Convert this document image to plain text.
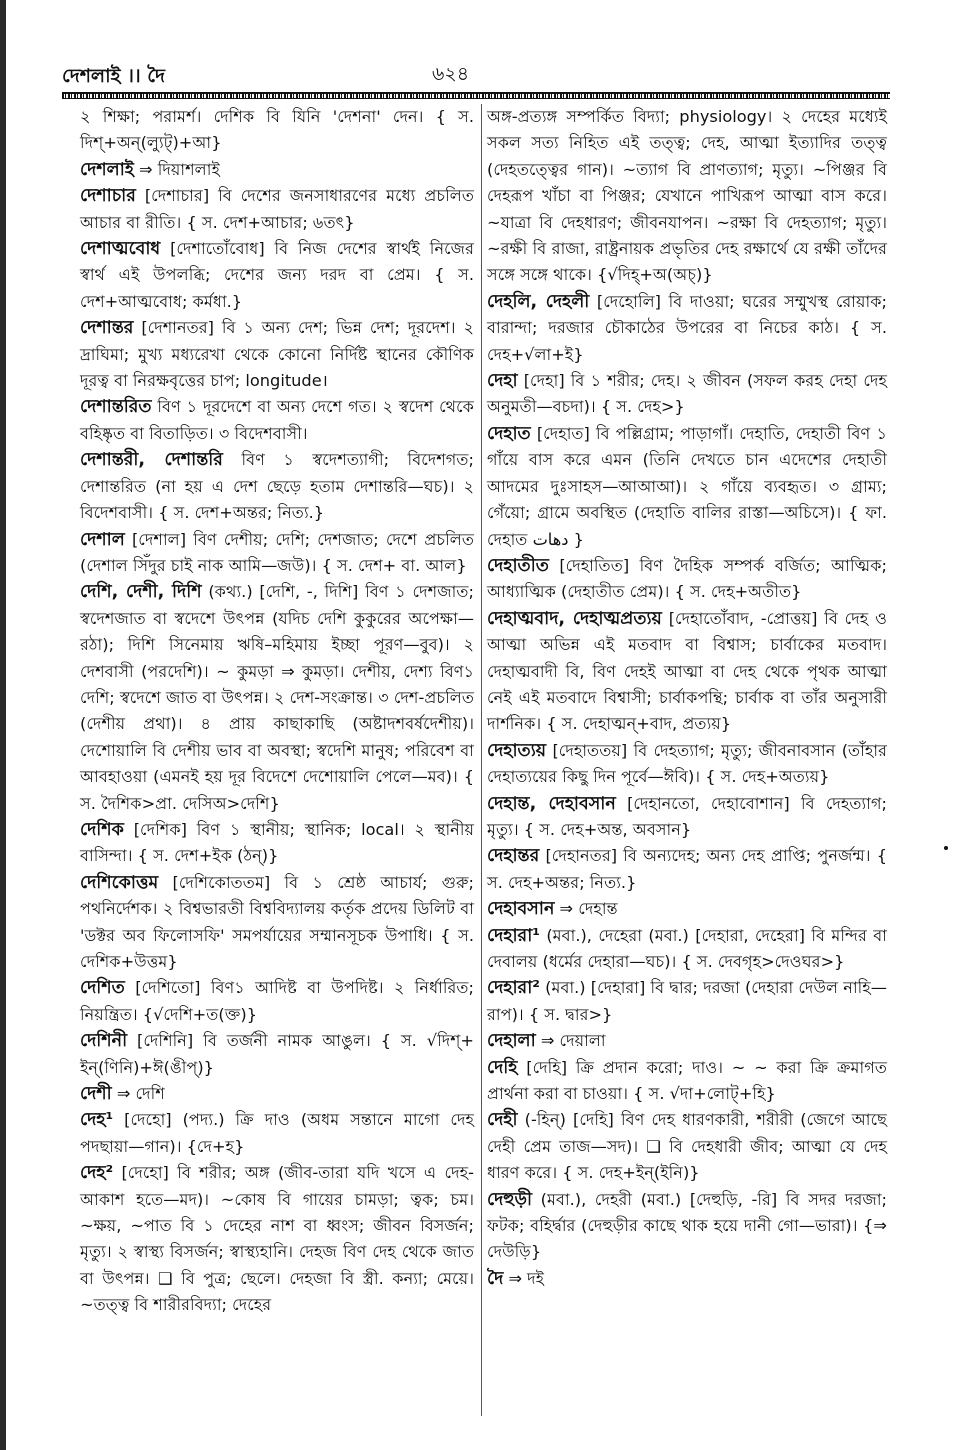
দেশলাই ।। দৈ	৬২৪

২ শিক্ষা; পরামর্শ। দেশিক বি যিনি 'দেশনা' দেন। { স. দিশ্+অন্(ল্যুট্)+আ}

দেশলাই ⇒ দিয়াশলাই

দেশাচার [দেশাচার] বি দেশের জনসাধারণের মধ্যে প্রচলিত আচার বা রীতি। { স. দেশ+আচার; ৬তৎ}

দেশাত্মবোধ [দেশাতোঁবোধ] বি নিজ দেশের স্বার্থই নিজের স্বার্থ এই উপলব্ধি; দেশের জন্য দরদ বা প্রেম। { স. দেশ+আত্মবোধ; কর্মধা.}

দেশান্তর [দেশানতর] বি ১ অন্য দেশ; ভিন্ন দেশ; দূরদেশ। ২ দ্রাঘিমা; মুখ্য মধ্যরেখা থেকে কোনো নির্দিষ্ট স্থানের কৌণিক দূরত্ব বা নিরক্ষবৃত্তের চাপ; longitude।

দেশান্তরিত বিণ ১ দূরদেশে বা অন্য দেশে গত। ২ স্বদেশ থেকে বহিষ্কৃত বা বিতাড়িত। ৩ বিদেশবাসী।

দেশান্তরী, দেশান্তরি বিণ ১ স্বদেশত্যাগী; বিদেশগত; দেশান্তরিত (না হয় এ দেশ ছেড়ে হতাম দেশান্তরি—ঘচ)। ২ বিদেশবাসী। { স. দেশ+অন্তর; নিত্য.}

দেশাল [দেশাল] বিণ দেশীয়; দেশি; দেশজাত; দেশে প্রচলিত (দেশাল সিঁদুর চাই নাক আমি—জউ)। { স. দেশ+ বা. আল}

দেশি, দেশী, দিশি (কথ্য.) [দেশি, -, দিশি] বিণ ১ দেশজাত; স্বদেশজাত বা স্বদেশে উৎপন্ন (যদিচ দেশি কুকুরের অপেক্ষা—রঠা); দিশি সিনেমায় ঋষি–মহিমায় ইচ্ছা পূরণ—বুব)। ২ দেশবাসী (পরদেশি)। ~ কুমড়া ⇒ কুমড়া। দেশীয়, দেশ্য বিণ১ দেশি; স্বদেশে জাত বা উৎপন্ন। ২ দেশ-সংক্রান্ত। ৩ দেশ-প্রচলিত (দেশীয় প্রথা)। ৪ প্রায় কাছাকাছি (অষ্টাদশবর্ষদেশীয়)। দেশোয়ালি বি দেশীয় ভাব বা অবস্থা; স্বদেশি মানুষ; পরিবেশ বা আবহাওয়া (এমনই হয় দূর বিদেশে দেশোয়ালি পেলে—মব)। { স. দৈশিক>প্রা. দেসিঅ>দেশি}

দেশিক [দেশিক] বিণ ১ স্থানীয়; স্থানিক; local। ২ স্থানীয় বাসিন্দা। { স. দেশ+ইক (ঠন্)}

দেশিকোত্তম [দেশিকোততম] বি ১ শ্রেষ্ঠ আচার্য; গুরু; পথনির্দেশক। ২ বিশ্বভারতী বিশ্ববিদ্যালয় কর্তৃক প্রদেয় ডিলিট বা 'ডক্টর অব ফিলোসফি' সমপর্যায়ের সম্মানসূচক উপাধি। { স. দেশিক+উত্তম}

দেশিত [দেশিতো] বিণ১ আদিষ্ট বা উপদিষ্ট। ২ নির্ধারিত; নিয়ন্ত্রিত। {√দেশি+ত(ক্ত)}

দেশিনী [দেশিনি] বি তর্জনী নামক আঙুল। { স. √দিশ্+ ইন্(ণিনি)+ঈ(ঙীপ্)}

দেশী ⇒ দেশি

দেহ¹ [দেহো] (পদ্য.) ক্রি দাও (অধম সন্তানে মাগো দেহ পদছায়া—গান)। {দে+হ}

দেহ² [দেহো] বি শরীর; অঙ্গ (জীব-তারা যদি খসে এ দেহ-আকাশ হতে—মদ)। ~কোষ বি গায়ের চামড়া; ত্বক; চম। ~ক্ষয়, ~পাত বি ১ দেহের নাশ বা ধ্বংস; জীবন বিসর্জন; মৃত্যু। ২ স্বাস্থ্য বিসর্জন; স্বাস্থ্যহানি। দেহজ বিণ দেহ থেকে জাত বা উৎপন্ন। ❑ বি পুত্র; ছেলে। দেহজা বি স্ত্রী. কন্যা; মেয়ে। ~তত্ত্ব বি শারীরবিদ্যা; দেহের

অঙ্গ-প্রত্যঙ্গ সম্পর্কিত বিদ্যা; physiology। ২ দেহের মধ্যেই সকল সত্য নিহিত এই তত্ত্ব; দেহ, আত্মা ইত্যাদির তত্ত্ব (দেহতত্ত্বের গান)। ~ত্যাগ বি প্রাণত্যাগ; মৃত্যু। ~পিঞ্জর বি দেহরূপ খাঁচা বা পিঞ্জর; যেখানে পাখিরূপ আত্মা বাস করে। ~যাত্রা বি দেহধারণ; জীবনযাপন। ~রক্ষা বি দেহত্যাগ; মৃত্যু। ~রক্ষী বি রাজা, রাষ্ট্রনায়ক প্রভৃতির দেহ রক্ষার্থে যে রক্ষী তাঁদের সঙ্গে সঙ্গে থাকে। {√দিহ্+অ(অচ্)}

দেহলি, দেহলী [দেহোলি] বি দাওয়া; ঘরের সম্মুখস্থ রোয়াক; বারান্দা; দরজার চৌকাঠের উপরের বা নিচের কাঠ। { স. দেহ+√লা+ই}

দেহা [দেহা] বি ১ শরীর; দেহ। ২ জীবন (সফল করহ দেহা দেহ অনুমতী—বচদা)। { স. দেহ>}

দেহাত [দেহাত] বি পল্লিগ্রাম; পাড়াগাঁ। দেহাতি, দেহাতী বিণ ১ গাঁয়ে বাস করে এমন (তিনি দেখতে চান এদেশের দেহাতী আদমের দুঃসাহস—আআআ)। ২ গাঁয়ে ব্যবহৃত। ৩ গ্রাম্য; গেঁয়ো; গ্রামে অবস্থিত (দেহাতি বালির রাস্তা—অচিসে)। { ফা. দেহাত دهات }

দেহাতীত [দেহাতিত] বিণ দৈহিক সম্পর্ক বর্জিত; আত্মিক; আধ্যাত্মিক (দেহাতীত প্রেম)। { স. দেহ+অতীত}

দেহাত্মবাদ, দেহাত্মপ্রত্যয় [দেহাতোঁবাদ, -প্রোত্তয়] বি দেহ ও আত্মা অভিন্ন এই মতবাদ বা বিশ্বাস; চার্বাকের মতবাদ। দেহাত্মবাদী বি, বিণ দেহই আত্মা বা দেহ থেকে পৃথক আত্মা নেই এই মতবাদে বিশ্বাসী; চার্বাকপন্থি; চার্বাক বা তাঁর অনুসারী দার্শনিক। { স. দেহাত্মন্+বাদ, প্রত্যয়}

দেহাত্যয় [দেহাততয়] বি দেহত্যাগ; মৃত্যু; জীবনাবসান (তাঁহার দেহাত্যয়ের কিছু দিন পূর্বে—ঈবি)। { স. দেহ+অত্যয়}

দেহান্ত, দেহাবসান [দেহানতো, দেহাবোশান] বি দেহত্যাগ; মৃত্যু। { স. দেহ+অন্ত, অবসান}

দেহান্তর [দেহানতর] বি অন্যদেহ; অন্য দেহ প্রাপ্তি; পুনর্জন্ম। { স. দেহ+অন্তর; নিত্য.}

দেহাবসান ⇒ দেহান্ত

দেহারা¹ (মবা.), দেহেরা (মবা.) [দেহারা, দেহেরা] বি মন্দির বা দেবালয় (ধর্মের দেহারা—ঘচ)। { স. দেবগৃহ>দেওঘর>}

দেহারা² (মবা.) [দেহারা] বি দ্বার; দরজা (দেহারা দেউল নাহি—রাপ)। { স. দ্বার>}

দেহালা ⇒ দেয়ালা

দেহি [দেহি] ক্রি প্রদান করো; দাও। ~ ~ করা ক্রি ক্রমাগত প্রার্থনা করা বা চাওয়া। { স. √দা+লোট্+হি}

দেহী (-হিন্) [দেহি] বিণ দেহ ধারণকারী, শরীরী (জেগে আছে দেহী প্রেম তাজ—সদ)। ❑ বি দেহধারী জীব; আত্মা যে দেহ ধারণ করে। { স. দেহ+ইন্(ইনি)}

দেহুড়ী (মবা.), দেহরী (মবা.) [দেহুড়ি, -রি] বি সদর দরজা; ফটক; বহির্দ্বার (দেহুড়ীর কাছে থাক হয়ে দানী গো—ভারা)। {⇒ দেউড়ি}

দৈ ⇒ দই
